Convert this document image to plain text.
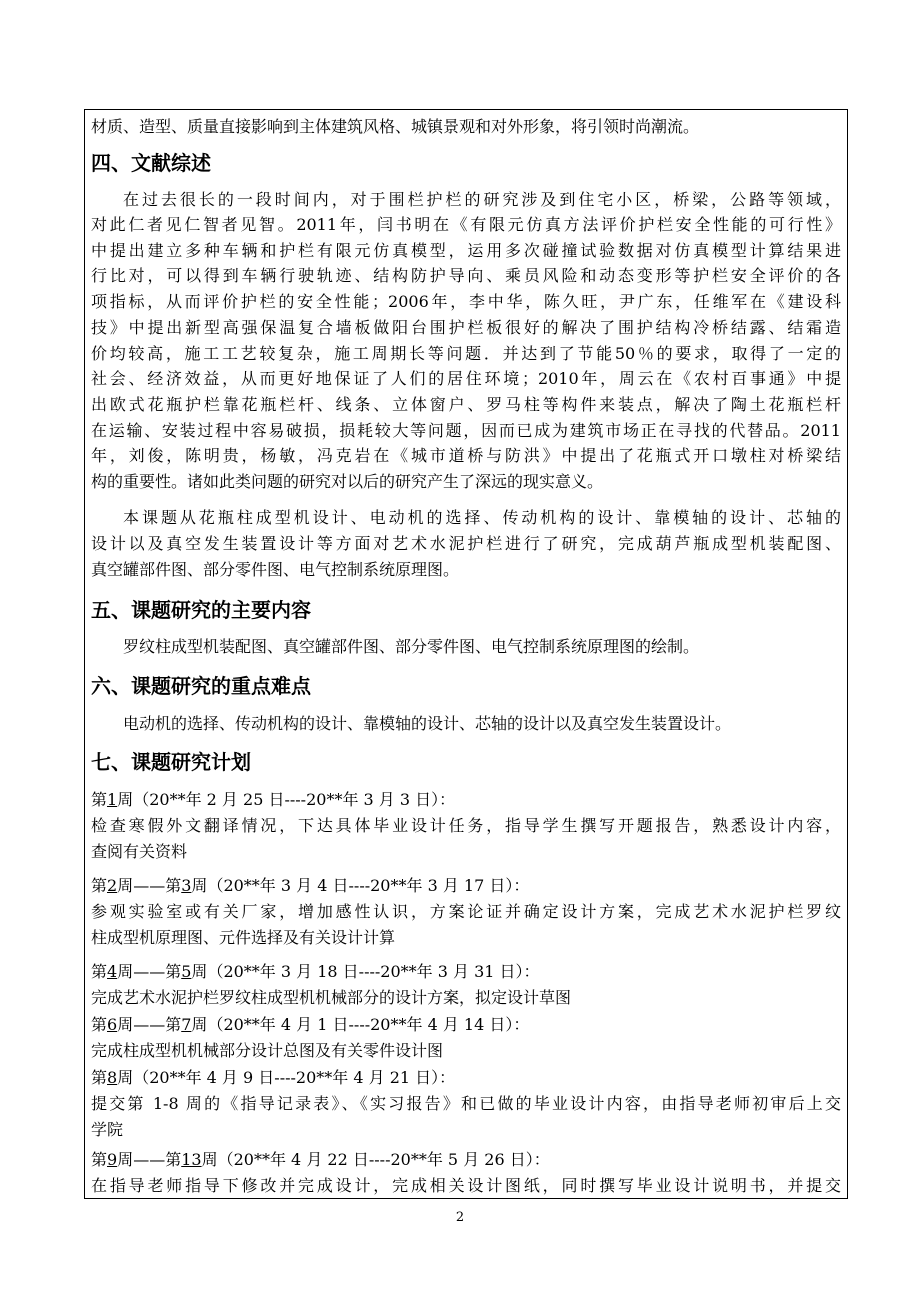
材质、造型、质量直接影响到主体建筑风格、城镇景观和对外形象，将引领时尚潮流。
四、文献综述
在过去很长的一段时间内，对于围栏护栏的研究涉及到住宅小区，桥梁，公路等领域，
对此仁者见仁智者见智。2011年，闫书明在《有限元仿真方法评价护栏安全性能的可行性》
中提出建立多种车辆和护栏有限元仿真模型，运用多次碰撞试验数据对仿真模型计算结果进
行比对，可以得到车辆行驶轨迹、结构防护导向、乘员风险和动态变形等护栏安全评价的各
项指标，从而评价护栏的安全性能；2006年，李中华，陈久旺，尹广东，任维军在《建设科
技》中提出新型高强保温复合墙板做阳台围护栏板很好的解决了围护结构冷桥结露、结霜造
价均较高，施工工艺较复杂，施工周期长等问题．并达到了节能50％的要求，取得了一定的
社会、经济效益，从而更好地保证了人们的居住环境；2010年，周云在《农村百事通》中提
出欧式花瓶护栏靠花瓶栏杆、线条、立体窗户、罗马柱等构件来装点，解决了陶土花瓶栏杆
在运输、安装过程中容易破损，损耗较大等问题，因而已成为建筑市场正在寻找的代替品。2011
年，刘俊，陈明贵，杨敏，冯克岩在《城市道桥与防洪》中提出了花瓶式开口墩柱对桥梁结
构的重要性。诸如此类问题的研究对以后的研究产生了深远的现实意义。
本课题从花瓶柱成型机设计、电动机的选择、传动机构的设计、靠模轴的设计、芯轴的
设计以及真空发生装置设计等方面对艺术水泥护栏进行了研究，完成葫芦瓶成型机装配图、
真空罐部件图、部分零件图、电气控制系统原理图。
五、课题研究的主要内容
罗纹柱成型机装配图、真空罐部件图、部分零件图、电气控制系统原理图的绘制。
六、课题研究的重点难点
电动机的选择、传动机构的设计、靠模轴的设计、芯轴的设计以及真空发生装置设计。
七、课题研究计划
第1周（20**年 2 月 25 日----20**年 3 月 3 日）：
检查寒假外文翻译情况，下达具体毕业设计任务，指导学生撰写开题报告，熟悉设计内容，
查阅有关资料
第2周——第3周（20**年 3 月 4 日----20**年 3 月 17 日）：
参观实验室或有关厂家，增加感性认识，方案论证并确定设计方案，完成艺术水泥护栏罗纹
柱成型机原理图、元件选择及有关设计计算
第4周——第5周（20**年 3 月 18 日----20**年 3 月 31 日）：
完成艺术水泥护栏罗纹柱成型机机械部分的设计方案，拟定设计草图
第6周——第7周（20**年 4 月 1 日----20**年 4 月 14 日）：
完成柱成型机机械部分设计总图及有关零件设计图
第8周（20**年 4 月 9 日----20**年 4 月 21 日）：
提交第 1-8 周的《指导记录表》、《实习报告》和已做的毕业设计内容，由指导老师初审后上交
学院
第9周——第13周（20**年 4 月 22 日----20**年 5 月 26 日）：
在指导老师指导下修改并完成设计，完成相关设计图纸，同时撰写毕业设计说明书，并提交
2
